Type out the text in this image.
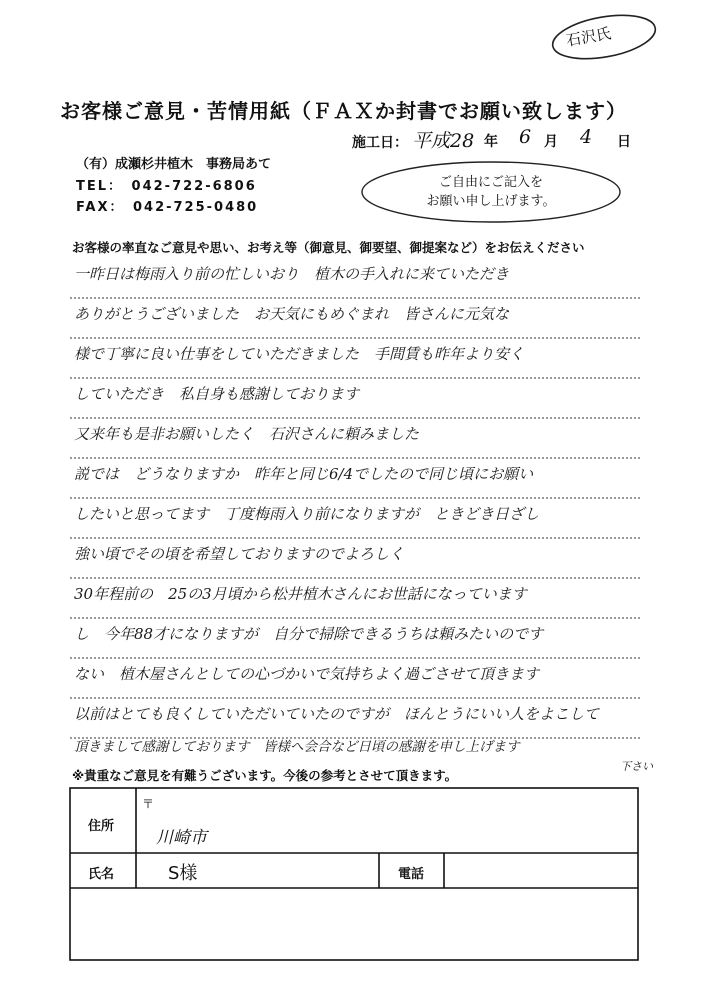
お客様ご意見・苦情用紙（ＦＡＸか封書でお願い致します）
石沢氏
施工日： 平成28 年 6 月 4 日
（有）成瀬杉井植木　事務局あて
TEL：　042-722-6806
FAX：　042-725-0480
ご自由にご記入を
お願い申し上げます。
お客様の率直なご意見や思い、お考え等（御意見、御要望、御提案など）をお伝えください
一昨日は梅雨入り前の忙しいおり　植木の手入れに来ていただき
ありがとうございました　お天気にもめぐまれ　皆さんに元気な
様で丁寧に良い仕事をしていただきました　手間賃も昨年より安く
していただき　私自身も感謝しております
又来年も是非お願いしたく　石沢さんに頼みました
説では　どうなりますか　昨年と同じ6/4でしたので同じ頃にお願い
したいと思ってます　丁度梅雨入り前になりますが　ときどき日ざし
強い頃でその頃を希望しておりますのでよろしく
30年程前の　25の3月頃から松井植木さんにお世話になっています
し　今年88才になりますが　自分で掃除できるうちは頼みたいのです
ない　植木屋さんとしての心づかいで気持ちよく過ごさせて頂きます
以前はとても良くしていただいていたのですが　ほんとうにいい人をよこして
頂きまして感謝しております　皆様へ会合など日頃の感謝を申し上げます
下さい
※貴重なご意見を有難うございます。今後の参考とさせて頂きます。
住所
〒
川崎市
氏名	S様	電話
